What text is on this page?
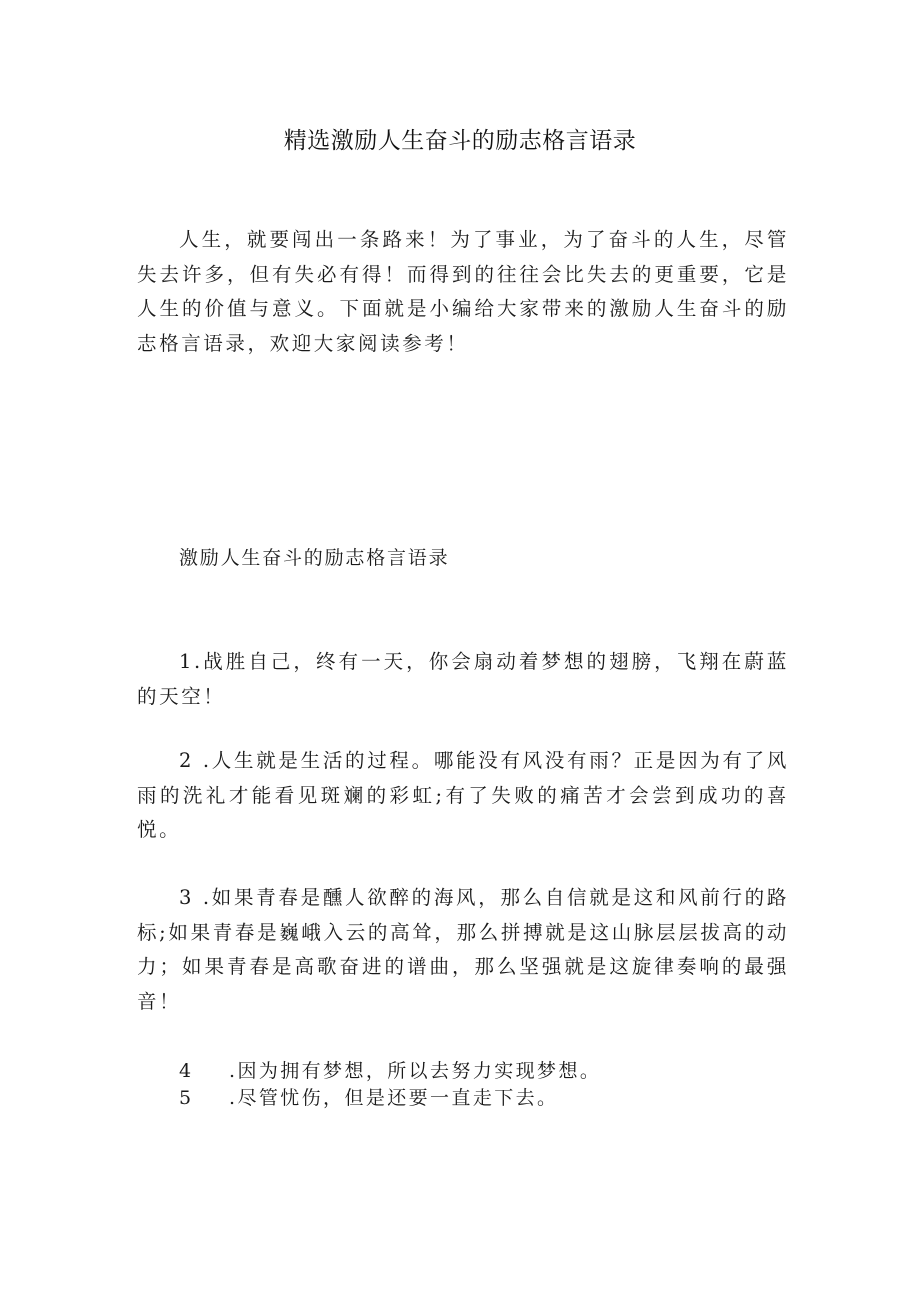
精选激励人生奋斗的励志格言语录

人生，就要闯出一条路来！为了事业，为了奋斗的人生，尽管失去许多，但有失必有得！而得到的往往会比失去的更重要，它是人生的价值与意义。下面就是小编给大家带来的激励人生奋斗的励志格言语录，欢迎大家阅读参考！

激励人生奋斗的励志格言语录

1.战胜自己，终有一天，你会扇动着梦想的翅膀，飞翔在蔚蓝的天空！

2 .人生就是生活的过程。哪能没有风没有雨？正是因为有了风雨的洗礼才能看见斑斓的彩虹;有了失败的痛苦才会尝到成功的喜悦。

3 .如果青春是醺人欲醉的海风，那么自信就是这和风前行的路标;如果青春是巍峨入云的高耸，那么拼搏就是这山脉层层拔高的动力；如果青春是高歌奋进的谱曲，那么坚强就是这旋律奏响的最强音！

4 .因为拥有梦想，所以去努力实现梦想。

5 .尽管忧伤，但是还要一直走下去。
